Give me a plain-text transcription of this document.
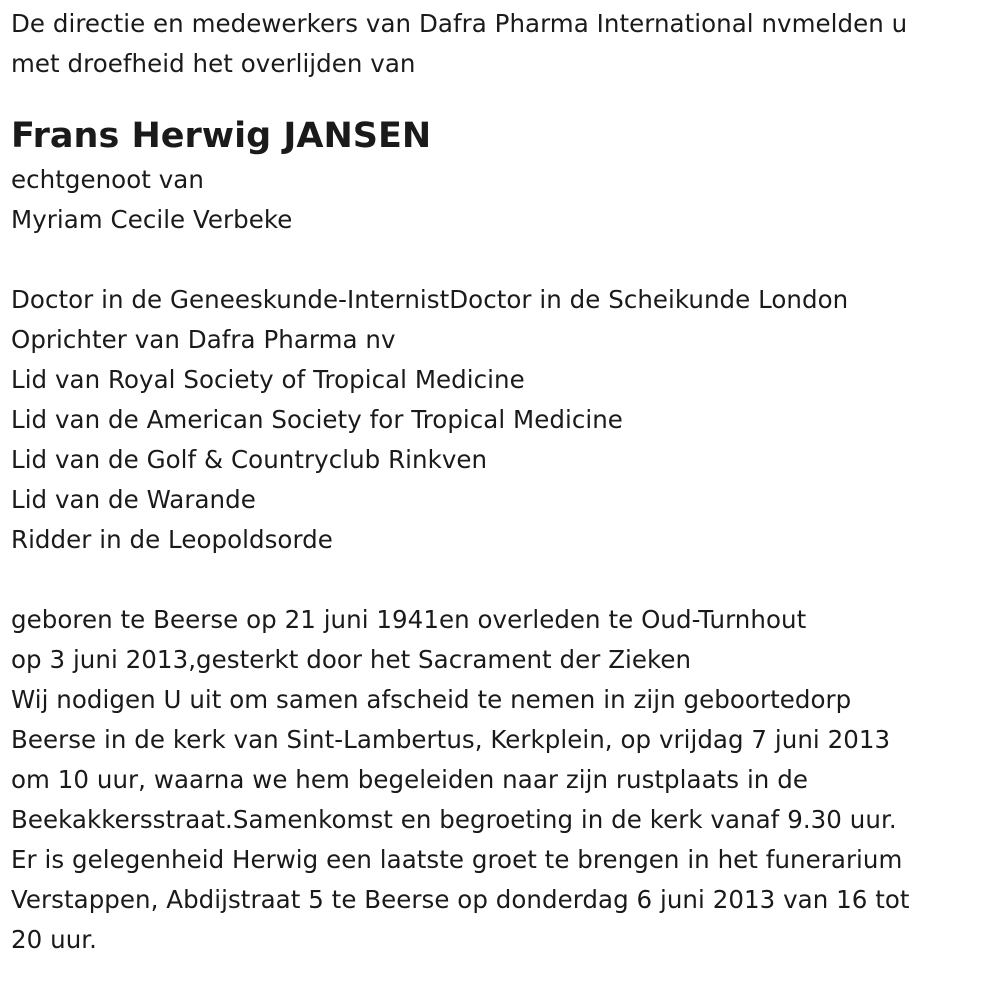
De directie en medewerkers van Dafra Pharma International nvmelden u
met droefheid het overlijden van
Frans Herwig JANSEN
echtgenoot van
Myriam Cecile Verbeke
Doctor in de Geneeskunde-InternistDoctor in de Scheikunde London
Oprichter van Dafra Pharma nv
Lid van Royal Society of Tropical Medicine
Lid van de American Society for Tropical Medicine
Lid van de Golf & Countryclub Rinkven
Lid van de Warande
Ridder in de Leopoldsorde
geboren te Beerse op 21 juni 1941en overleden te Oud-Turnhout
op 3 juni 2013,gesterkt door het Sacrament der Zieken
Wij nodigen U uit om samen afscheid te nemen in zijn geboortedorp
Beerse in de kerk van Sint-Lambertus, Kerkplein, op vrijdag 7 juni 2013
om 10 uur, waarna we hem begeleiden naar zijn rustplaats in de
Beekakkersstraat.Samenkomst en begroeting in de kerk vanaf 9.30 uur.
Er is gelegenheid Herwig een laatste groet te brengen in het funerarium
Verstappen, Abdijstraat 5 te Beerse op donderdag 6 juni 2013 van 16 tot
20 uur.
